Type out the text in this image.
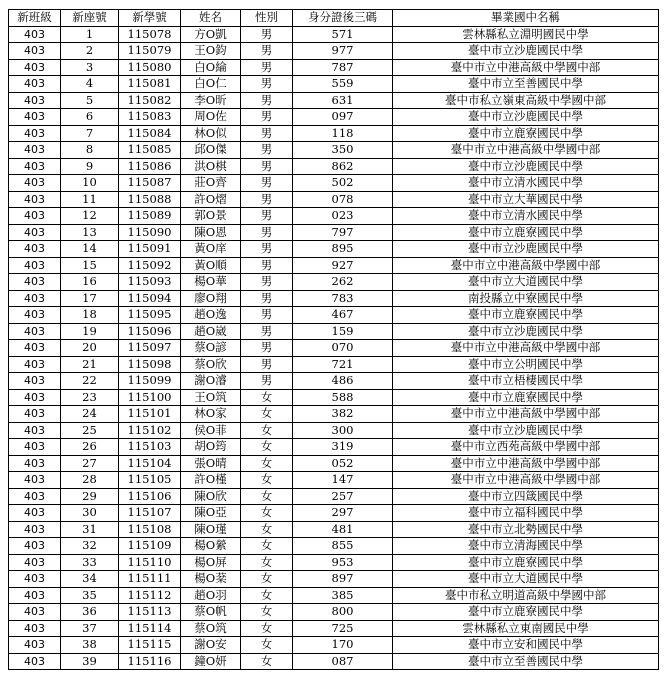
新班級	新座號	新學號	姓名	性別	身分證後三碼	畢業國中名稱
403	1	115078	方O凱	男	571	雲林縣私立淵明國民中學
403	2	115079	王O鈞	男	977	臺中市立沙鹿國民中學
403	3	115080	白O綸	男	787	臺中市立中港高級中學國中部
403	4	115081	白O仁	男	559	臺中市立至善國民中學
403	5	115082	李O昕	男	631	臺中市私立嶺東高級中學國中部
403	6	115083	周O佐	男	097	臺中市立沙鹿國民中學
403	7	115084	林O似	男	118	臺中市立鹿寮國民中學
403	8	115085	邱O傑	男	350	臺中市立中港高級中學國中部
403	9	115086	洪O棋	男	862	臺中市立沙鹿國民中學
403	10	115087	莊O齊	男	502	臺中市立清水國民中學
403	11	115088	許O熠	男	078	臺中市立大華國民中學
403	12	115089	郭O景	男	023	臺中市立清水國民中學
403	13	115090	陳O恩	男	797	臺中市立鹿寮國民中學
403	14	115091	黃O庠	男	895	臺中市立沙鹿國民中學
403	15	115092	黃O順	男	927	臺中市立中港高級中學國中部
403	16	115093	楊O華	男	262	臺中市立大道國民中學
403	17	115094	廖O翔	男	783	南投縣立中寮國民中學
403	18	115095	趙O逸	男	467	臺中市立鹿寮國民中學
403	19	115096	趙O崴	男	159	臺中市立沙鹿國民中學
403	20	115097	蔡O諺	男	070	臺中市立中港高級中學國中部
403	21	115098	蔡O欣	男	721	臺中市立公明國民中學
403	22	115099	謝O濬	男	486	臺中市立梧棲國民中學
403	23	115100	王O筑	女	588	臺中市立鹿寮國民中學
403	24	115101	林O家	女	382	臺中市立中港高級中學國中部
403	25	115102	侯O菲	女	300	臺中市立沙鹿國民中學
403	26	115103	胡O筠	女	319	臺中市立西苑高級中學國中部
403	27	115104	張O晴	女	052	臺中市立中港高級中學國中部
403	28	115105	許O槿	女	147	臺中市立中港高級中學國中部
403	29	115106	陳O欣	女	257	臺中市立四箴國民中學
403	30	115107	陳O亞	女	297	臺中市立福科國民中學
403	31	115108	陳O瑾	女	481	臺中市立北勢國民中學
403	32	115109	楊O縈	女	855	臺中市立清海國民中學
403	33	115110	楊O屏	女	953	臺中市立鹿寮國民中學
403	34	115111	楊O棻	女	897	臺中市立大道國民中學
403	35	115112	趙O羽	女	385	臺中市私立明道高級中學國中部
403	36	115113	蔡O帆	女	800	臺中市立鹿寮國民中學
403	37	115114	蔡O筑	女	725	雲林縣私立東南國民中學
403	38	115115	謝O安	女	170	臺中市立安和國民中學
403	39	115116	鐘O妍	女	087	臺中市立至善國民中學
